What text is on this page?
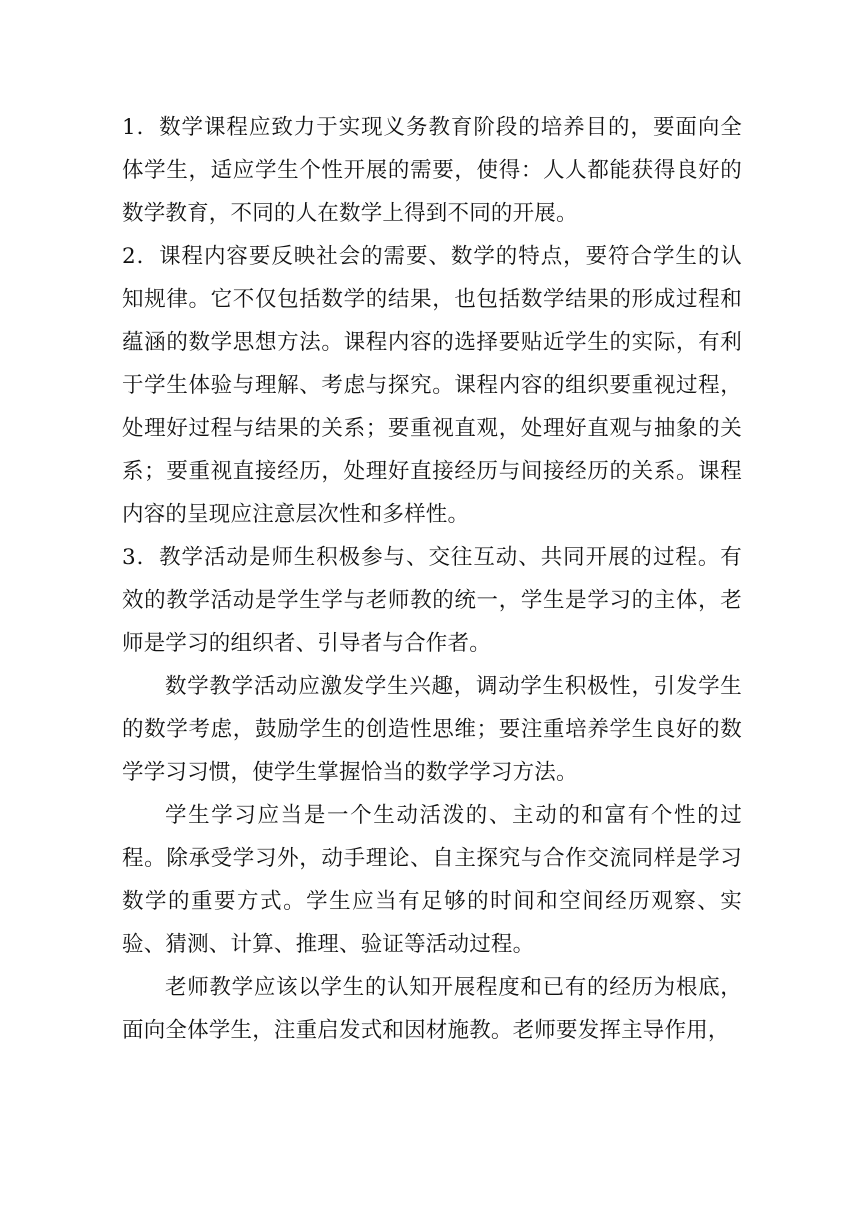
1．数学课程应致力于实现义务教育阶段的培养目的，要面向全体学生，适应学生个性开展的需要，使得：人人都能获得良好的数学教育，不同的人在数学上得到不同的开展。

2．课程内容要反映社会的需要、数学的特点，要符合学生的认知规律。它不仅包括数学的结果，也包括数学结果的形成过程和蕴涵的数学思想方法。课程内容的选择要贴近学生的实际，有利于学生体验与理解、考虑与探究。课程内容的组织要重视过程，处理好过程与结果的关系；要重视直观，处理好直观与抽象的关系；要重视直接经历，处理好直接经历与间接经历的关系。课程内容的呈现应注意层次性和多样性。

3．教学活动是师生积极参与、交往互动、共同开展的过程。有效的教学活动是学生学与老师教的统一，学生是学习的主体，老师是学习的组织者、引导者与合作者。

数学教学活动应激发学生兴趣，调动学生积极性，引发学生的数学考虑，鼓励学生的创造性思维；要注重培养学生良好的数学学习习惯，使学生掌握恰当的数学学习方法。

学生学习应当是一个生动活泼的、主动的和富有个性的过程。除承受学习外，动手理论、自主探究与合作交流同样是学习数学的重要方式。学生应当有足够的时间和空间经历观察、实验、猜测、计算、推理、验证等活动过程。

老师教学应该以学生的认知开展程度和已有的经历为根底，面向全体学生，注重启发式和因材施教。老师要发挥主导作用，
